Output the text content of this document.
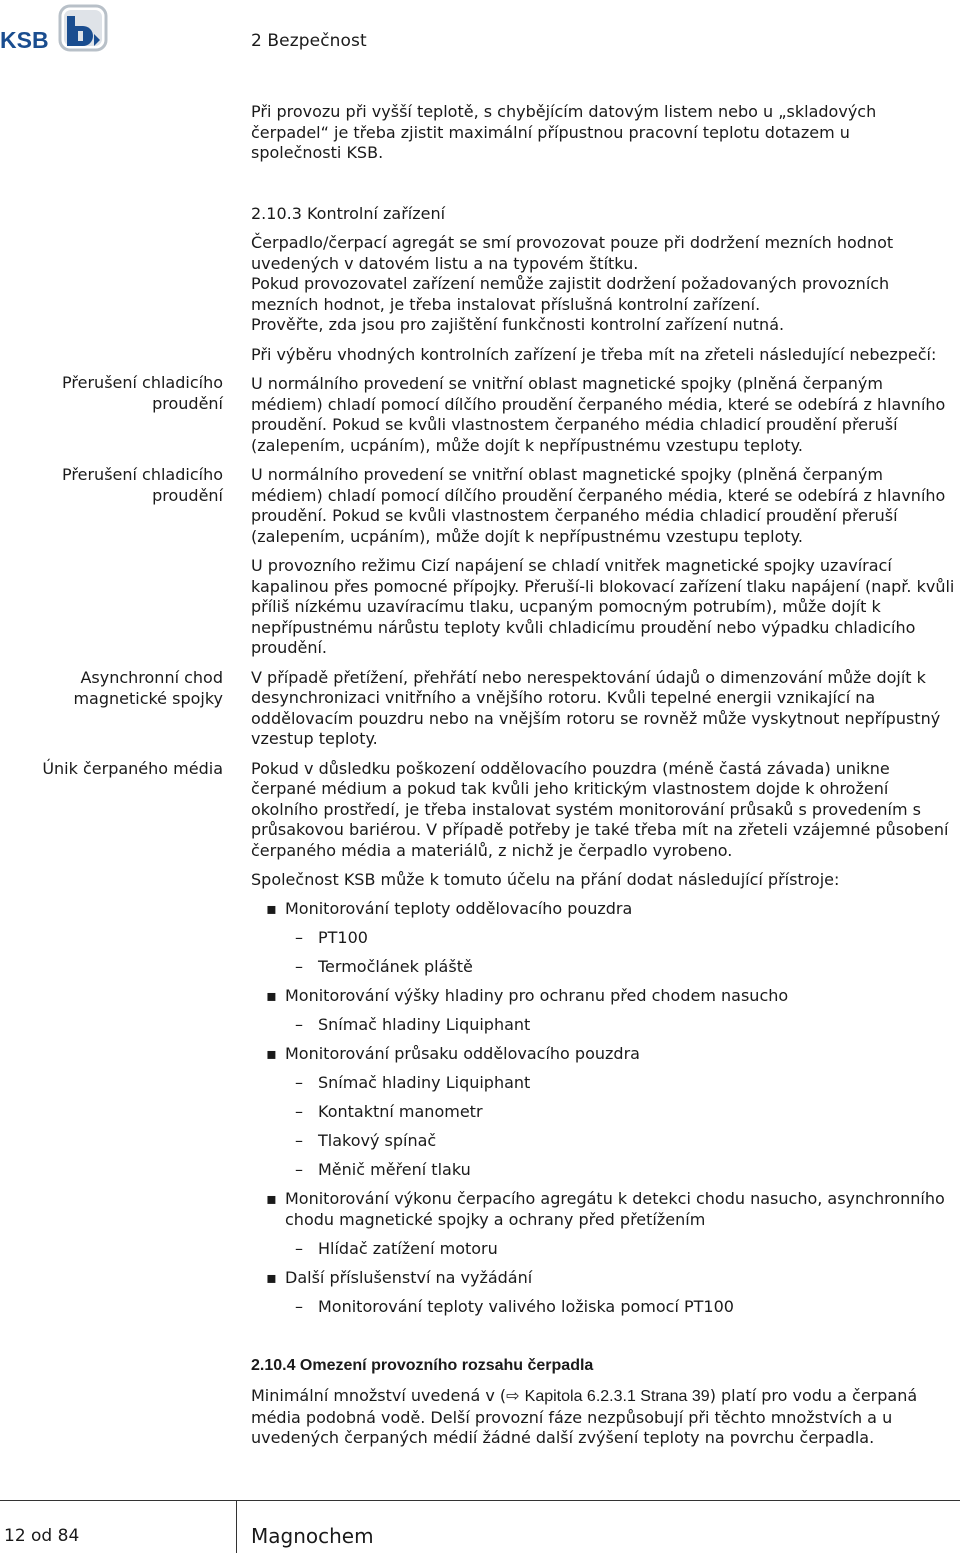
KSB	2 Bezpečnost
Při provozu při vyšší teplotě, s chybějícím datovým listem nebo u „skladových čerpadel“ je třeba zjistit maximální přípustnou pracovní teplotu dotazem u společnosti KSB.
2.10.3 Kontrolní zařízení
Přerušení chladicího proudění
Přerušení chladicího proudění
Asynchronní chod magnetické spojky
Únik čerpaného média

Čerpadlo/čerpací agregát se smí provozovat pouze při dodržení mezních hodnot uvedených v datovém listu a na typovém štítku.

Pokud provozovatel zařízení nemůže zajistit dodržení požadovaných provozních mezních hodnot, je třeba instalovat příslušná kontrolní zařízení.

Prověřte, zda jsou pro zajištění funkčnosti kontrolní zařízení nutná.

Při výběru vhodných kontrolních zařízení je třeba mít na zřeteli následující nebezpečí:

U normálního provedení se vnitřní oblast magnetické spojky (plněná čerpaným médiem) chladí pomocí dílčího proudění čerpaného média, které se odebírá z hlavního proudění. Pokud se kvůli vlastnostem čerpaného média chladicí proudění přeruší (zalepením, ucpáním), může dojít k nepřípustnému vzestupu teploty.

U normálního provedení se vnitřní oblast magnetické spojky (plněná čerpaným médiem) chladí pomocí dílčího proudění čerpaného média, které se odebírá z hlavního proudění. Pokud se kvůli vlastnostem čerpaného média chladicí proudění přeruší (zalepením, ucpáním), může dojít k nepřípustnému vzestupu teploty.

U provozního režimu Cizí napájení se chladí vnitřek magnetické spojky uzavírací kapalinou přes pomocné přípojky. Přeruší-li blokovací zařízení tlaku napájení (např. kvůli příliš nízkému uzavíracímu tlaku, ucpaným pomocným potrubím), může dojít k nepřípustnému nárůstu teploty kvůli chladicímu proudění nebo výpadku chladicího proudění.

V případě přetížení, přehřátí nebo nerespektování údajů o dimenzování může dojít k desynchronizaci vnitřního a vnějšího rotoru. Kvůli tepelné energii vznikající na oddělovacím pouzdru nebo na vnějším rotoru se rovněž může vyskytnout nepřípustný vzestup teploty.

Pokud v důsledku poškození oddělovacího pouzdra (méně častá závada) unikne čerpané médium a pokud tak kvůli jeho kritickým vlastnostem dojde k ohrožení okolního prostředí, je třeba instalovat systém monitorování průsaků s provedením s průsakovou bariérou. V případě potřeby je také třeba mít na zřeteli vzájemné působení čerpaného média a materiálů, z nichž je čerpadlo vyrobeno.

Společnost KSB může k tomuto účelu na přání dodat následující přístroje:

▪ Monitorování teploty oddělovacího pouzdra
– PT100
– Termočlánek pláště
▪ Monitorování výšky hladiny pro ochranu před chodem nasucho
– Snímač hladiny Liquiphant
▪ Monitorování průsaku oddělovacího pouzdra
– Snímač hladiny Liquiphant
– Kontaktní manometr
– Tlakový spínač
– Měnič měření tlaku
▪ Monitorování výkonu čerpacího agregátu k detekci chodu nasucho, asynchronního chodu magnetické spojky a ochrany před přetížením
– Hlídač zatížení motoru
▪ Další příslušenství na vyžádání
– Monitorování teploty valivého ložiska pomocí PT100
2.10.4 Omezení provozního rozsahu čerpadla
Minimální množství uvedená v (⇨ Kapitola 6.2.3.1 Strana 39) platí pro vodu a čerpaná média podobná vodě. Delší provozní fáze nezpůsobují při těchto množstvích a u uvedených čerpaných médií žádné další zvýšení teploty na povrchu čerpadla.
12 od 84	Magnochem
